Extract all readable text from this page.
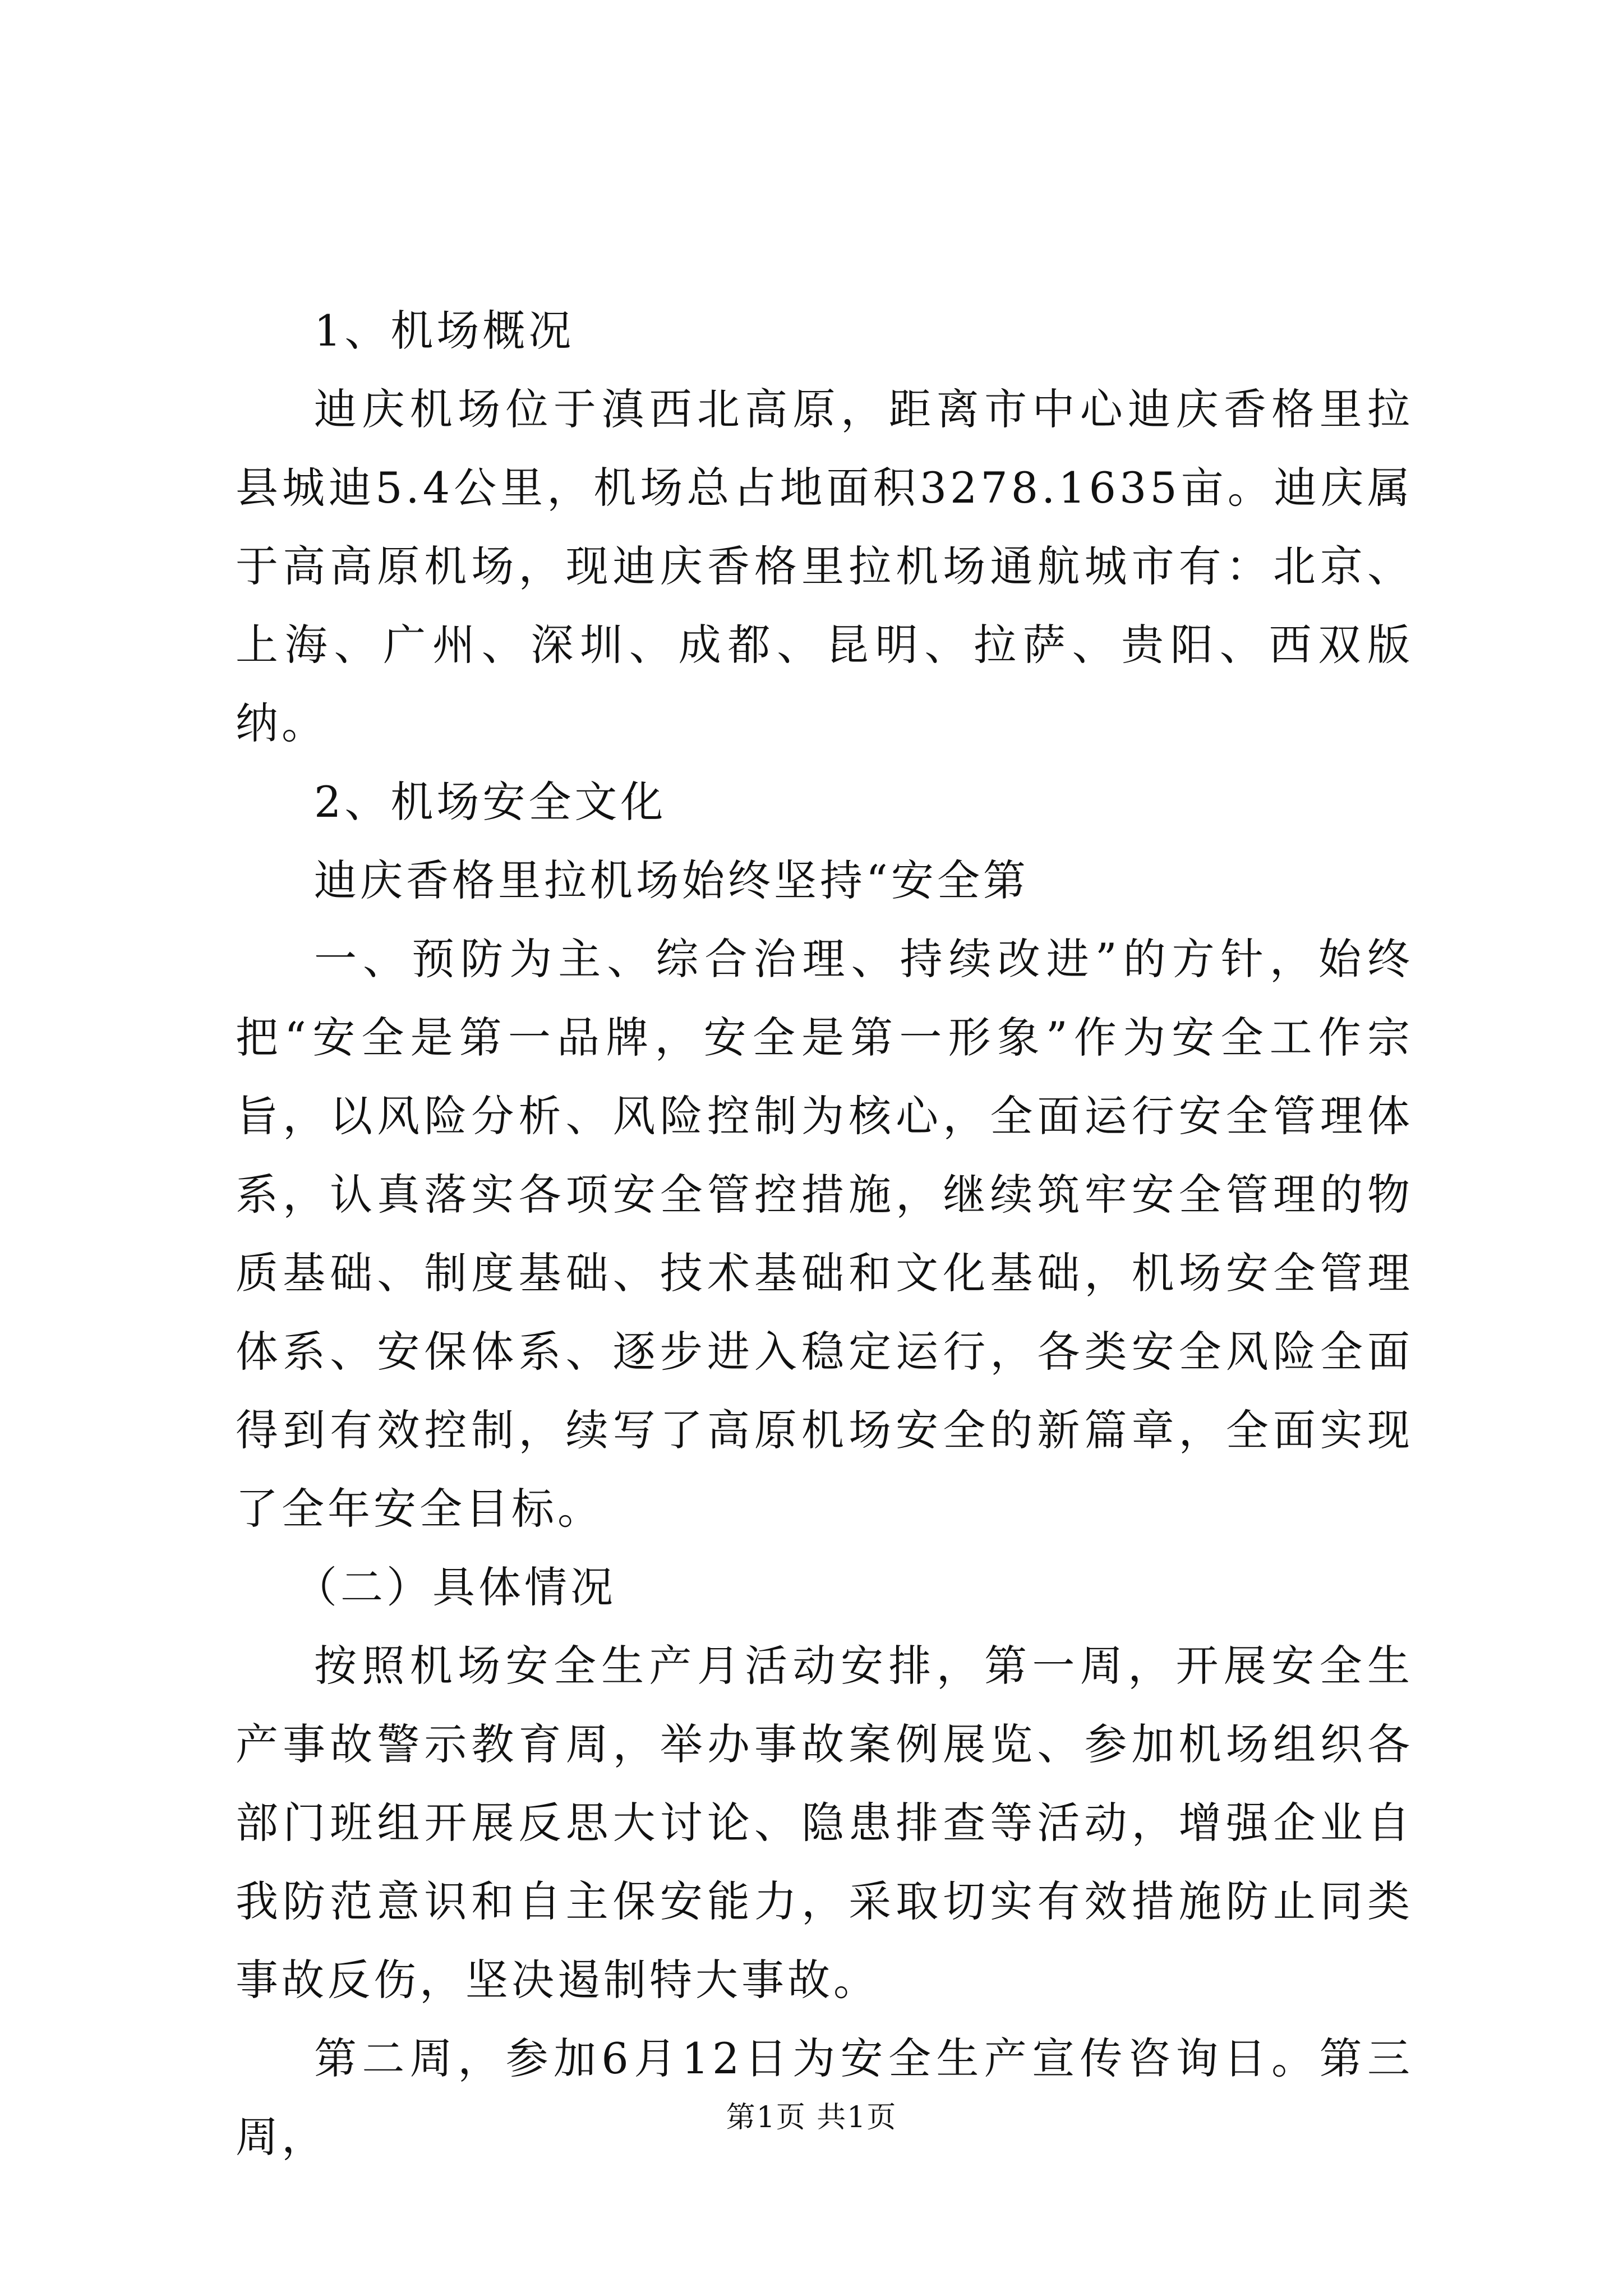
1、机场概况

迪庆机场位于滇西北高原，距离市中心迪庆香格里拉县城迪5.4公里，机场总占地面积3278.1635亩。迪庆属于高高原机场，现迪庆香格里拉机场通航城市有：北京、上海、广州、深圳、成都、昆明、拉萨、贵阳、西双版纳。

2、机场安全文化

迪庆香格里拉机场始终坚持“安全第

一、预防为主、综合治理、持续改进”的方针，始终把“安全是第一品牌，安全是第一形象”作为安全工作宗旨，以风险分析、风险控制为核心，全面运行安全管理体系，认真落实各项安全管控措施，继续筑牢安全管理的物质基础、制度基础、技术基础和文化基础，机场安全管理体系、安保体系、逐步进入稳定运行，各类安全风险全面得到有效控制，续写了高原机场安全的新篇章，全面实现了全年安全目标。

（二）具体情况

按照机场安全生产月活动安排，第一周，开展安全生产事故警示教育周，举办事故案例展览、参加机场组织各部门班组开展反思大讨论、隐患排查等活动，增强企业自我防范意识和自主保安能力，采取切实有效措施防止同类事故反伤，坚决遏制特大事故。

第二周，参加6月12日为安全生产宣传咨询日。第三周，	第1页 共1页
